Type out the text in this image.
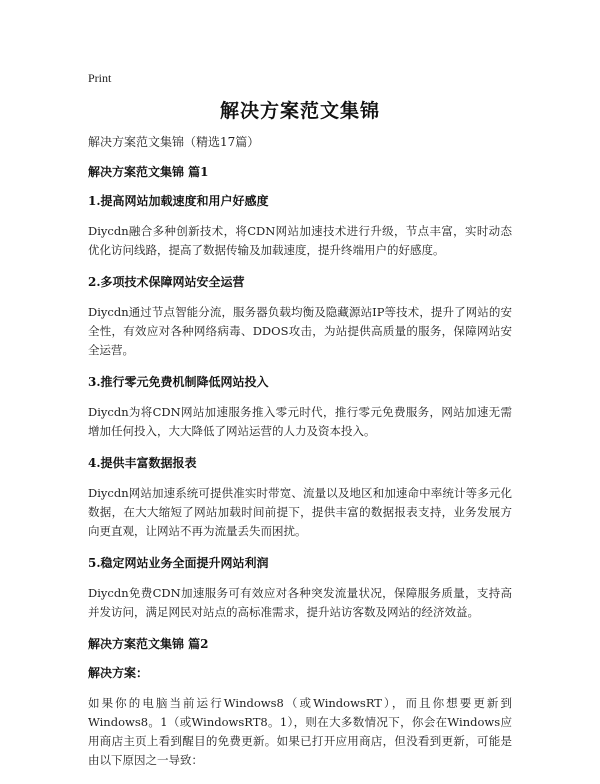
Print
解决方案范文集锦
解决方案范文集锦（精选17篇）
解决方案范文集锦 篇1
1.提高网站加载速度和用户好感度
Diycdn融合多种创新技术，将CDN网站加速技术进行升级，节点丰富，实时动态优化访问线路，提高了数据传输及加载速度，提升终端用户的好感度。
2.多项技术保障网站安全运营
Diycdn通过节点智能分流，服务器负载均衡及隐藏源站IP等技术，提升了网站的安全性，有效应对各种网络病毒、DDOS攻击，为站提供高质量的服务，保障网站安全运营。
3.推行零元免费机制降低网站投入
Diycdn为将CDN网站加速服务推入零元时代，推行零元免费服务，网站加速无需增加任何投入，大大降低了网站运营的人力及资本投入。
4.提供丰富数据报表
Diycdn网站加速系统可提供准实时带宽、流量以及地区和加速命中率统计等多元化数据，在大大缩短了网站加载时间前提下，提供丰富的数据报表支持，业务发展方向更直观，让网站不再为流量丢失而困扰。
5.稳定网站业务全面提升网站利润
Diycdn免费CDN加速服务可有效应对各种突发流量状况，保障服务质量，支持高并发访问，满足网民对站点的高标准需求，提升站访客数及网站的经济效益。
解决方案范文集锦 篇2
解决方案：
如果你的电脑当前运行Windows8（或WindowsRT），而且你想要更新到Windows8。1（或WindowsRT8。1），则在大多数情况下，你会在Windows应用商店主页上看到醒目的免费更新。如果已打开应用商店，但没看到更新，可能是由以下原因之一导致：
